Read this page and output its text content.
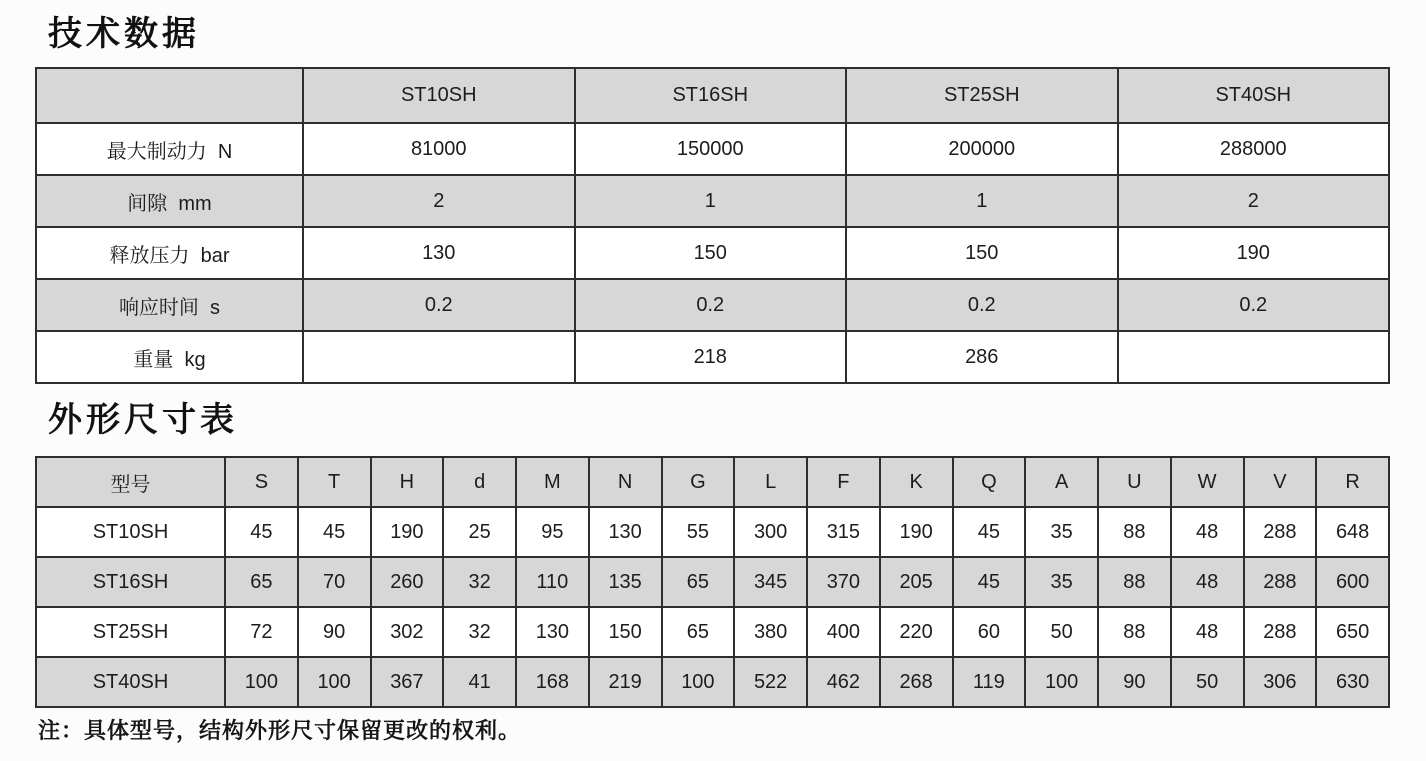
技术数据
	ST10SH	ST16SH	ST25SH	ST40SH
最大制动力  N	81000	150000	200000	288000
间隙  mm	2	1	1	2
释放压力  bar	130	150	150	190
响应时间  s	0.2	0.2	0.2	0.2
重量  kg		218	286	
外形尺寸表
型号	S	T	H	d	M	N	G	L	F	K	Q	A	U	W	V	R
ST10SH	45	45	190	25	95	130	55	300	315	190	45	35	88	48	288	648
ST16SH	65	70	260	32	110	135	65	345	370	205	45	35	88	48	288	600
ST25SH	72	90	302	32	130	150	65	380	400	220	60	50	88	48	288	650
ST40SH	100	100	367	41	168	219	100	522	462	268	119	100	90	50	306	630
注：具体型号，结构外形尺寸保留更改的权利。
